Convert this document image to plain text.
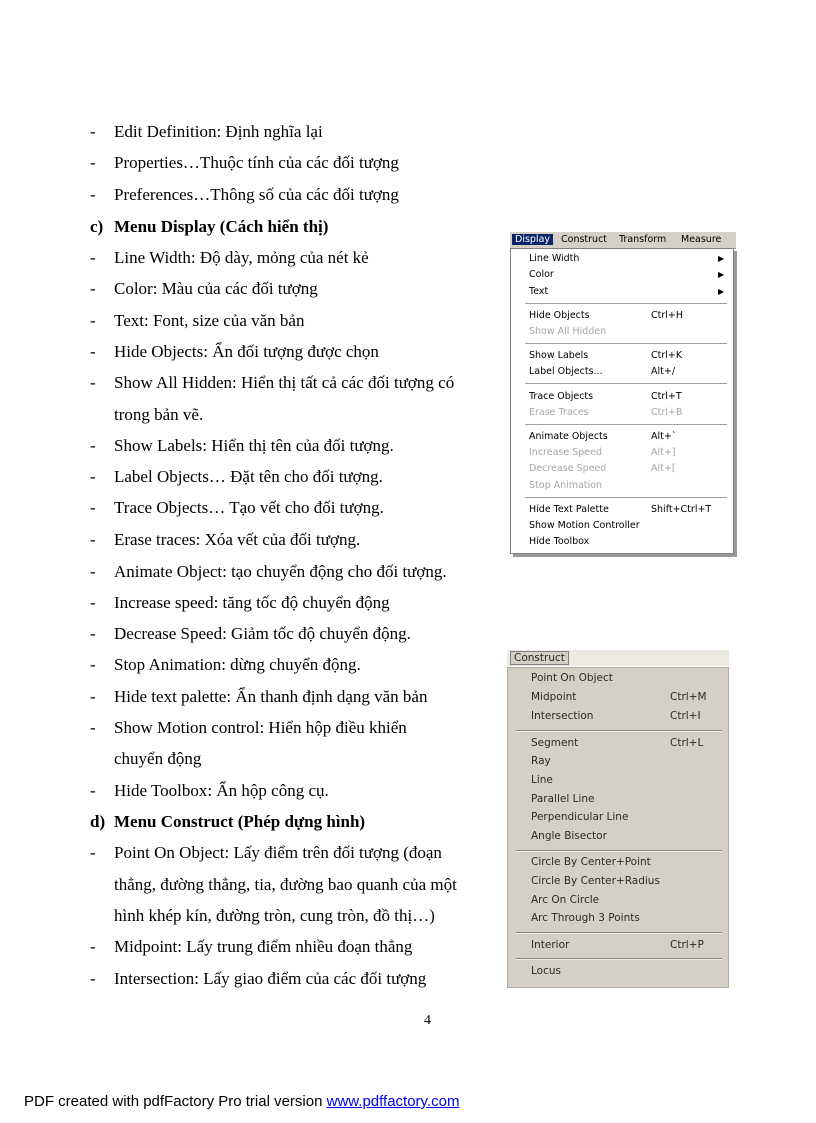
- Edit Definition: Định nghĩa lại
- Properties…Thuộc tính của các đối tượng
- Preferences…Thông số của các đối tượng
c) Menu Display (Cách hiển thị)
- Line Width: Độ dày, mỏng của nét kẻ
- Color: Màu của các đối tượng
- Text: Font, size của văn bản
- Hide Objects: Ẩn đối tượng được chọn
- Show All Hidden: Hiển thị tất cả các đối tượng có
trong bản vẽ.
- Show Labels: Hiển thị tên của đối tượng.
- Label Objects… Đặt tên cho đối tượng.
- Trace Objects… Tạo vết cho đối tượng.
- Erase traces: Xóa vết của đối tượng.
- Animate Object: tạo chuyển động cho đối tượng.
- Increase speed: tăng tốc độ chuyển động
- Decrease Speed: Giảm tốc độ chuyển động.
- Stop Animation: dừng chuyển động.
- Hide text palette: Ẩn thanh định dạng văn bản
- Show Motion control: Hiển hộp điều khiển
chuyển động
- Hide Toolbox: Ẩn hộp công cụ.
d) Menu Construct (Phép dựng hình)
- Point On Object: Lấy điểm trên đối tượng (đoạn
thẳng, đường thẳng, tia, đường bao quanh của một
hình khép kín, đường tròn, cung tròn, đồ thị…)
- Midpoint: Lấy trung điểm nhiều đoạn thẳng
- Intersection: Lấy giao điểm của các đối tượng
Display	Construct	Transform	Measure
Line Width	▶
Color	▶
Text	▶
Hide Objects	Ctrl+H
Show All Hidden
Show Labels	Ctrl+K
Label Objects...	Alt+/
Trace Objects	Ctrl+T
Erase Traces	Ctrl+B
Animate Objects	Alt+`
Increase Speed	Alt+]
Decrease Speed	Alt+[
Stop Animation
Hide Text Palette	Shift+Ctrl+T
Show Motion Controller
Hide Toolbox
Construct
Point On Object
Midpoint	Ctrl+M
Intersection	Ctrl+I
Segment	Ctrl+L
Ray
Line
Parallel Line
Perpendicular Line
Angle Bisector
Circle By Center+Point
Circle By Center+Radius
Arc On Circle
Arc Through 3 Points
Interior	Ctrl+P
Locus
4
PDF created with pdfFactory Pro trial version www.pdffactory.com
